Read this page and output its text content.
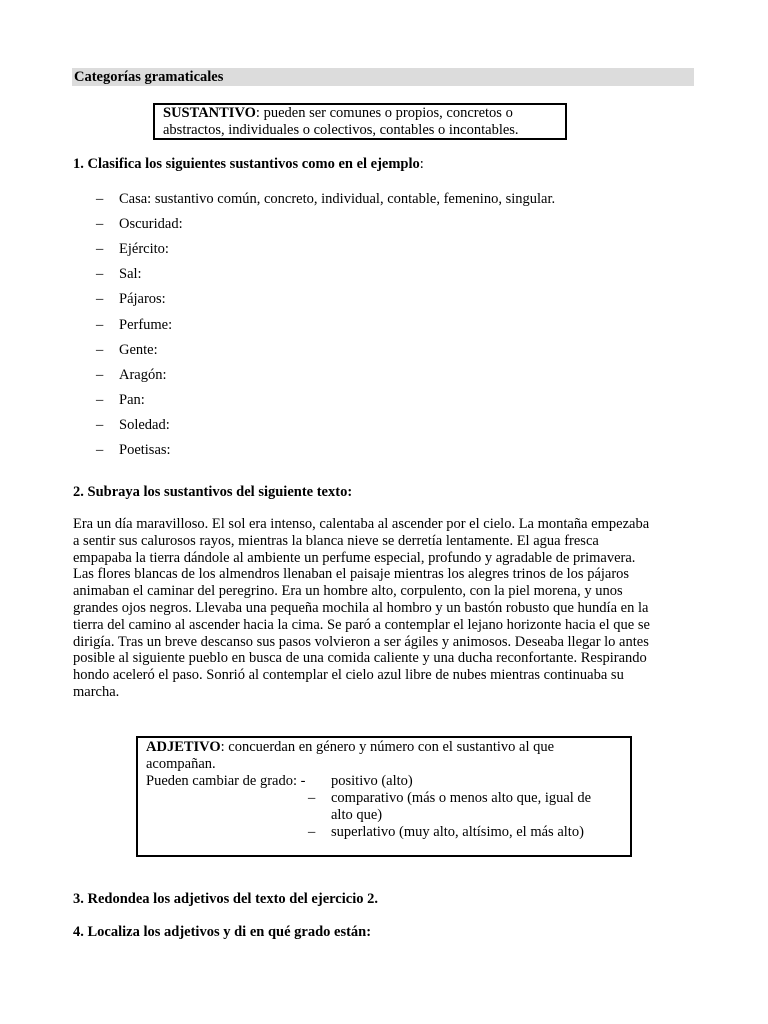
Categorías gramaticales
SUSTANTIVO: pueden ser comunes o propios, concretos o
abstractos, individuales o colectivos, contables o incontables.
1. Clasifica los siguientes sustantivos como en el ejemplo:
– Casa: sustantivo común, concreto, individual, contable, femenino, singular.
– Oscuridad:
– Ejército:
– Sal:
– Pájaros:
– Perfume:
– Gente:
– Aragón:
– Pan:
– Soledad:
– Poetisas:
2. Subraya los sustantivos del siguiente texto:
Era un día maravilloso. El sol era intenso, calentaba al ascender por el cielo. La montaña empezaba
a sentir sus calurosos rayos, mientras la blanca nieve se derretía lentamente. El agua fresca
empapaba la tierra dándole al ambiente un perfume especial, profundo y agradable de primavera.
Las flores blancas de los almendros llenaban el paisaje mientras los alegres trinos de los pájaros
animaban el caminar del peregrino. Era un hombre alto, corpulento, con la piel morena, y unos
grandes ojos negros. Llevaba una pequeña mochila al hombro y un bastón robusto que hundía en la
tierra del camino al ascender hacia la cima. Se paró a contemplar el lejano horizonte hacia el que se
dirigía. Tras un breve descanso sus pasos volvieron a ser ágiles y animosos. Deseaba llegar lo antes
posible al siguiente pueblo en busca de una comida caliente y una ducha reconfortante. Respirando
hondo aceleró el paso. Sonrió al contemplar el cielo azul libre de nubes mientras continuaba su
marcha.
ADJETIVO: concuerdan en género y número con el sustantivo al que
acompañan.
Pueden cambiar de grado: - positivo (alto)
– comparativo (más o menos alto que, igual de
alto que)
– superlativo (muy alto, altísimo, el más alto)
3. Redondea los adjetivos del texto del ejercicio 2.
4. Localiza los adjetivos y di en qué grado están:
